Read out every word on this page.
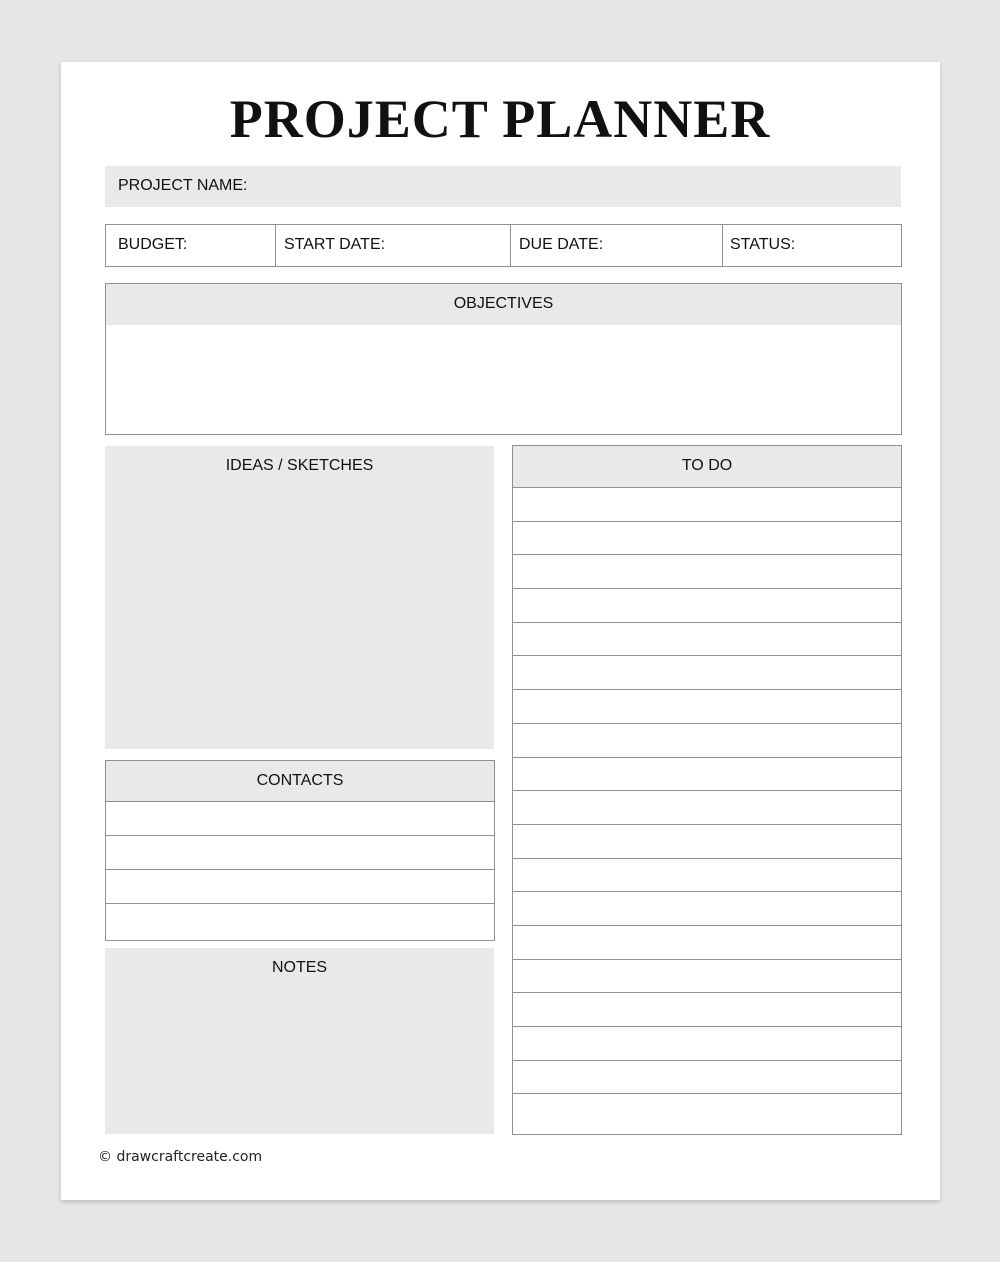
PROJECT PLANNER
PROJECT NAME:
BUDGET:	START DATE:	DUE DATE:	STATUS:
OBJECTIVES
IDEAS / SKETCHES
CONTACTS
NOTES
TO DO
© drawcraftcreate.com
